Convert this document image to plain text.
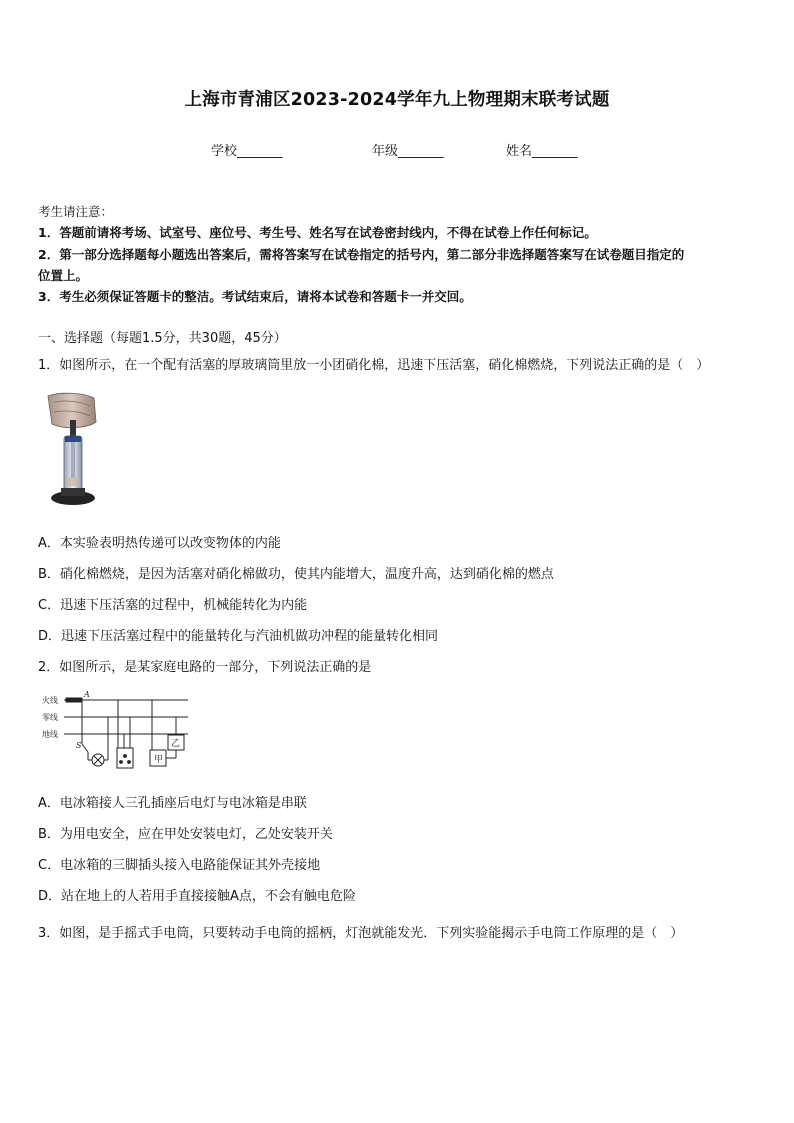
上海市青浦区2023-2024学年九上物理期末联考试题
学校_______	年级_______	姓名_______
考生请注意：
1．答题前请将考场、试室号、座位号、考生号、姓名写在试卷密封线内，不得在试卷上作任何标记。
2．第一部分选择题每小题选出答案后，需将答案写在试卷指定的括号内，第二部分非选择题答案写在试卷题目指定的
位置上。
3．考生必须保证答题卡的整洁。考试结束后，请将本试卷和答题卡一并交回。
一、选择题（每题1.5分，共30题，45分）
1．如图所示，在一个配有活塞的厚玻璃筒里放一小团硝化棉，迅速下压活塞，硝化棉燃烧，下列说法正确的是（　）
A．本实验表明热传递可以改变物体的内能
B．硝化棉燃烧，是因为活塞对硝化棉做功，使其内能增大，温度升高，达到硝化棉的燃点
C．迅速下压活塞的过程中，机械能转化为内能
D．迅速下压活塞过程中的能量转化与汽油机做功冲程的能量转化相同
2．如图所示，是某家庭电路的一部分，下列说法正确的是
火线
零线
地线
A
S
甲
乙
A．电冰箱接人三孔插座后电灯与电冰箱是串联
B．为用电安全，应在甲处安装电灯，乙处安装开关
C．电冰箱的三脚插头接入电路能保证其外壳接地
D．站在地上的人若用手直接接触A点，不会有触电危险
3．如图，是手摇式手电筒，只要转动手电筒的摇柄，灯泡就能发光．下列实验能揭示手电筒工作原理的是（　）
